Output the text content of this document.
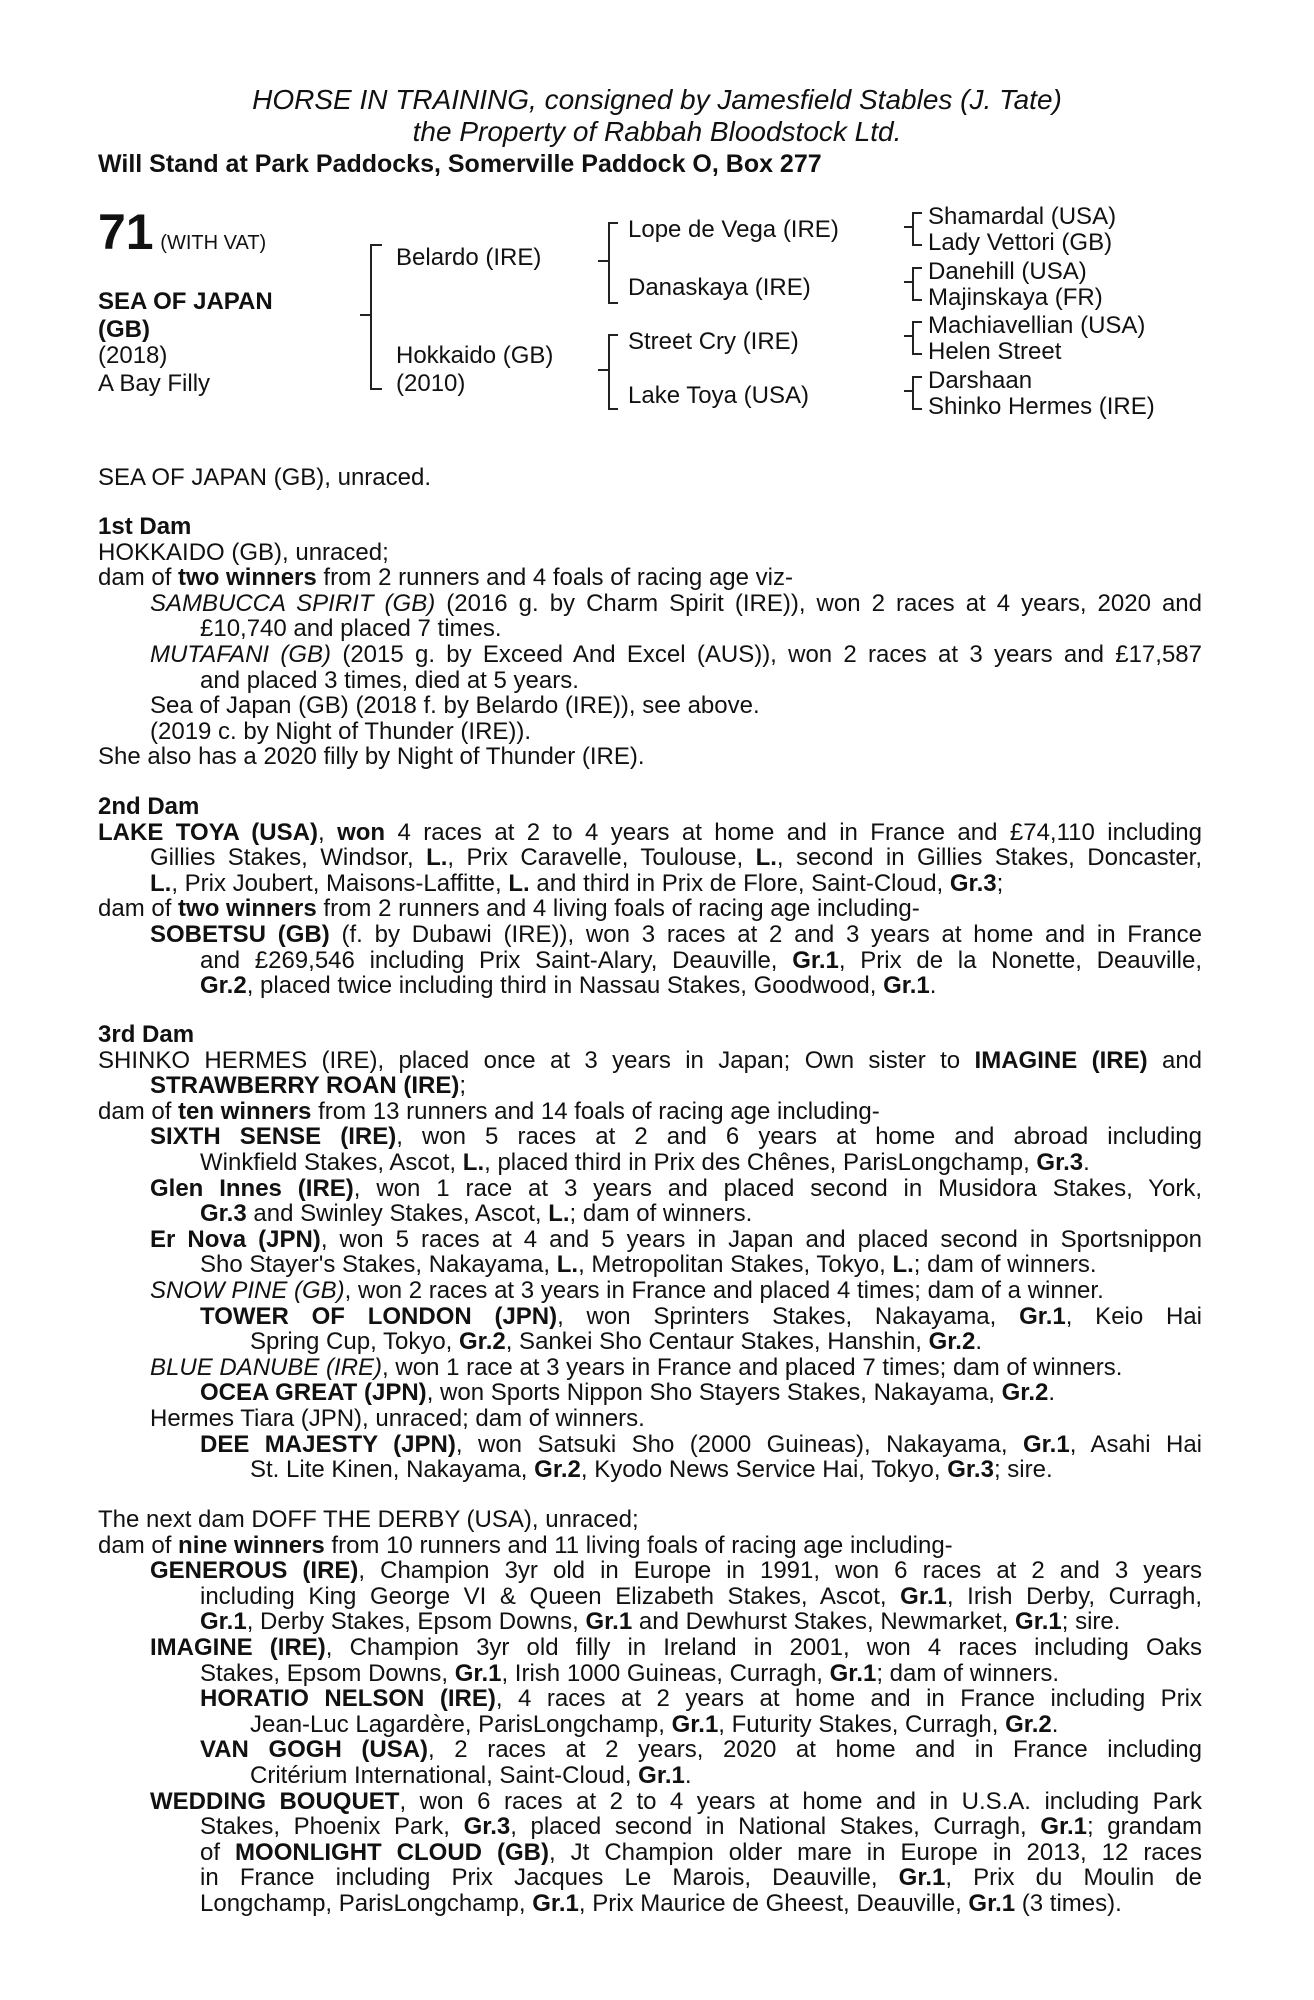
HORSE IN TRAINING, consigned by Jamesfield Stables (J. Tate)
the Property of Rabbah Bloodstock Ltd.
Will Stand at Park Paddocks, Somerville Paddock O, Box 277
71 (WITH VAT)
SEA OF JAPAN
(GB)
(2018)
A Bay Filly
Belardo (IRE)
Hokkaido (GB)
(2010)
Lope de Vega (IRE)
Danaskaya (IRE)
Street Cry (IRE)
Lake Toya (USA)
Shamardal (USA)
Lady Vettori (GB)
Danehill (USA)
Majinskaya (FR)
Machiavellian (USA)
Helen Street
Darshaan
Shinko Hermes (IRE)
SEA OF JAPAN (GB), unraced.
1st Dam
HOKKAIDO (GB), unraced;
dam of two winners from 2 runners and 4 foals of racing age viz-
SAMBUCCA SPIRIT (GB) (2016 g. by Charm Spirit (IRE)), won 2 races at 4 years, 2020 and
£10,740 and placed 7 times.
MUTAFANI (GB) (2015 g. by Exceed And Excel (AUS)), won 2 races at 3 years and £17,587
and placed 3 times, died at 5 years.
Sea of Japan (GB) (2018 f. by Belardo (IRE)), see above.
(2019 c. by Night of Thunder (IRE)).
She also has a 2020 filly by Night of Thunder (IRE).
2nd Dam
LAKE TOYA (USA), won 4 races at 2 to 4 years at home and in France and £74,110 including
Gillies Stakes, Windsor, L., Prix Caravelle, Toulouse, L., second in Gillies Stakes, Doncaster,
L., Prix Joubert, Maisons-Laffitte, L. and third in Prix de Flore, Saint-Cloud, Gr.3;
dam of two winners from 2 runners and 4 living foals of racing age including-
SOBETSU (GB) (f. by Dubawi (IRE)), won 3 races at 2 and 3 years at home and in France
and £269,546 including Prix Saint-Alary, Deauville, Gr.1, Prix de la Nonette, Deauville,
Gr.2, placed twice including third in Nassau Stakes, Goodwood, Gr.1.
3rd Dam
SHINKO HERMES (IRE), placed once at 3 years in Japan; Own sister to IMAGINE (IRE) and
STRAWBERRY ROAN (IRE);
dam of ten winners from 13 runners and 14 foals of racing age including-
SIXTH SENSE (IRE), won 5 races at 2 and 6 years at home and abroad including
Winkfield Stakes, Ascot, L., placed third in Prix des Chênes, ParisLongchamp, Gr.3.
Glen Innes (IRE), won 1 race at 3 years and placed second in Musidora Stakes, York,
Gr.3 and Swinley Stakes, Ascot, L.; dam of winners.
Er Nova (JPN), won 5 races at 4 and 5 years in Japan and placed second in Sportsnippon
Sho Stayer's Stakes, Nakayama, L., Metropolitan Stakes, Tokyo, L.; dam of winners.
SNOW PINE (GB), won 2 races at 3 years in France and placed 4 times; dam of a winner.
TOWER OF LONDON (JPN), won Sprinters Stakes, Nakayama, Gr.1, Keio Hai
Spring Cup, Tokyo, Gr.2, Sankei Sho Centaur Stakes, Hanshin, Gr.2.
BLUE DANUBE (IRE), won 1 race at 3 years in France and placed 7 times; dam of winners.
OCEA GREAT (JPN), won Sports Nippon Sho Stayers Stakes, Nakayama, Gr.2.
Hermes Tiara (JPN), unraced; dam of winners.
DEE MAJESTY (JPN), won Satsuki Sho (2000 Guineas), Nakayama, Gr.1, Asahi Hai
St. Lite Kinen, Nakayama, Gr.2, Kyodo News Service Hai, Tokyo, Gr.3; sire.
The next dam DOFF THE DERBY (USA), unraced;
dam of nine winners from 10 runners and 11 living foals of racing age including-
GENEROUS (IRE), Champion 3yr old in Europe in 1991, won 6 races at 2 and 3 years
including King George VI & Queen Elizabeth Stakes, Ascot, Gr.1, Irish Derby, Curragh,
Gr.1, Derby Stakes, Epsom Downs, Gr.1 and Dewhurst Stakes, Newmarket, Gr.1; sire.
IMAGINE (IRE), Champion 3yr old filly in Ireland in 2001, won 4 races including Oaks
Stakes, Epsom Downs, Gr.1, Irish 1000 Guineas, Curragh, Gr.1; dam of winners.
HORATIO NELSON (IRE), 4 races at 2 years at home and in France including Prix
Jean-Luc Lagardère, ParisLongchamp, Gr.1, Futurity Stakes, Curragh, Gr.2.
VAN GOGH (USA), 2 races at 2 years, 2020 at home and in France including
Critérium International, Saint-Cloud, Gr.1.
WEDDING BOUQUET, won 6 races at 2 to 4 years at home and in U.S.A. including Park
Stakes, Phoenix Park, Gr.3, placed second in National Stakes, Curragh, Gr.1; grandam
of MOONLIGHT CLOUD (GB), Jt Champion older mare in Europe in 2013, 12 races
in France including Prix Jacques Le Marois, Deauville, Gr.1, Prix du Moulin de
Longchamp, ParisLongchamp, Gr.1, Prix Maurice de Gheest, Deauville, Gr.1 (3 times).
